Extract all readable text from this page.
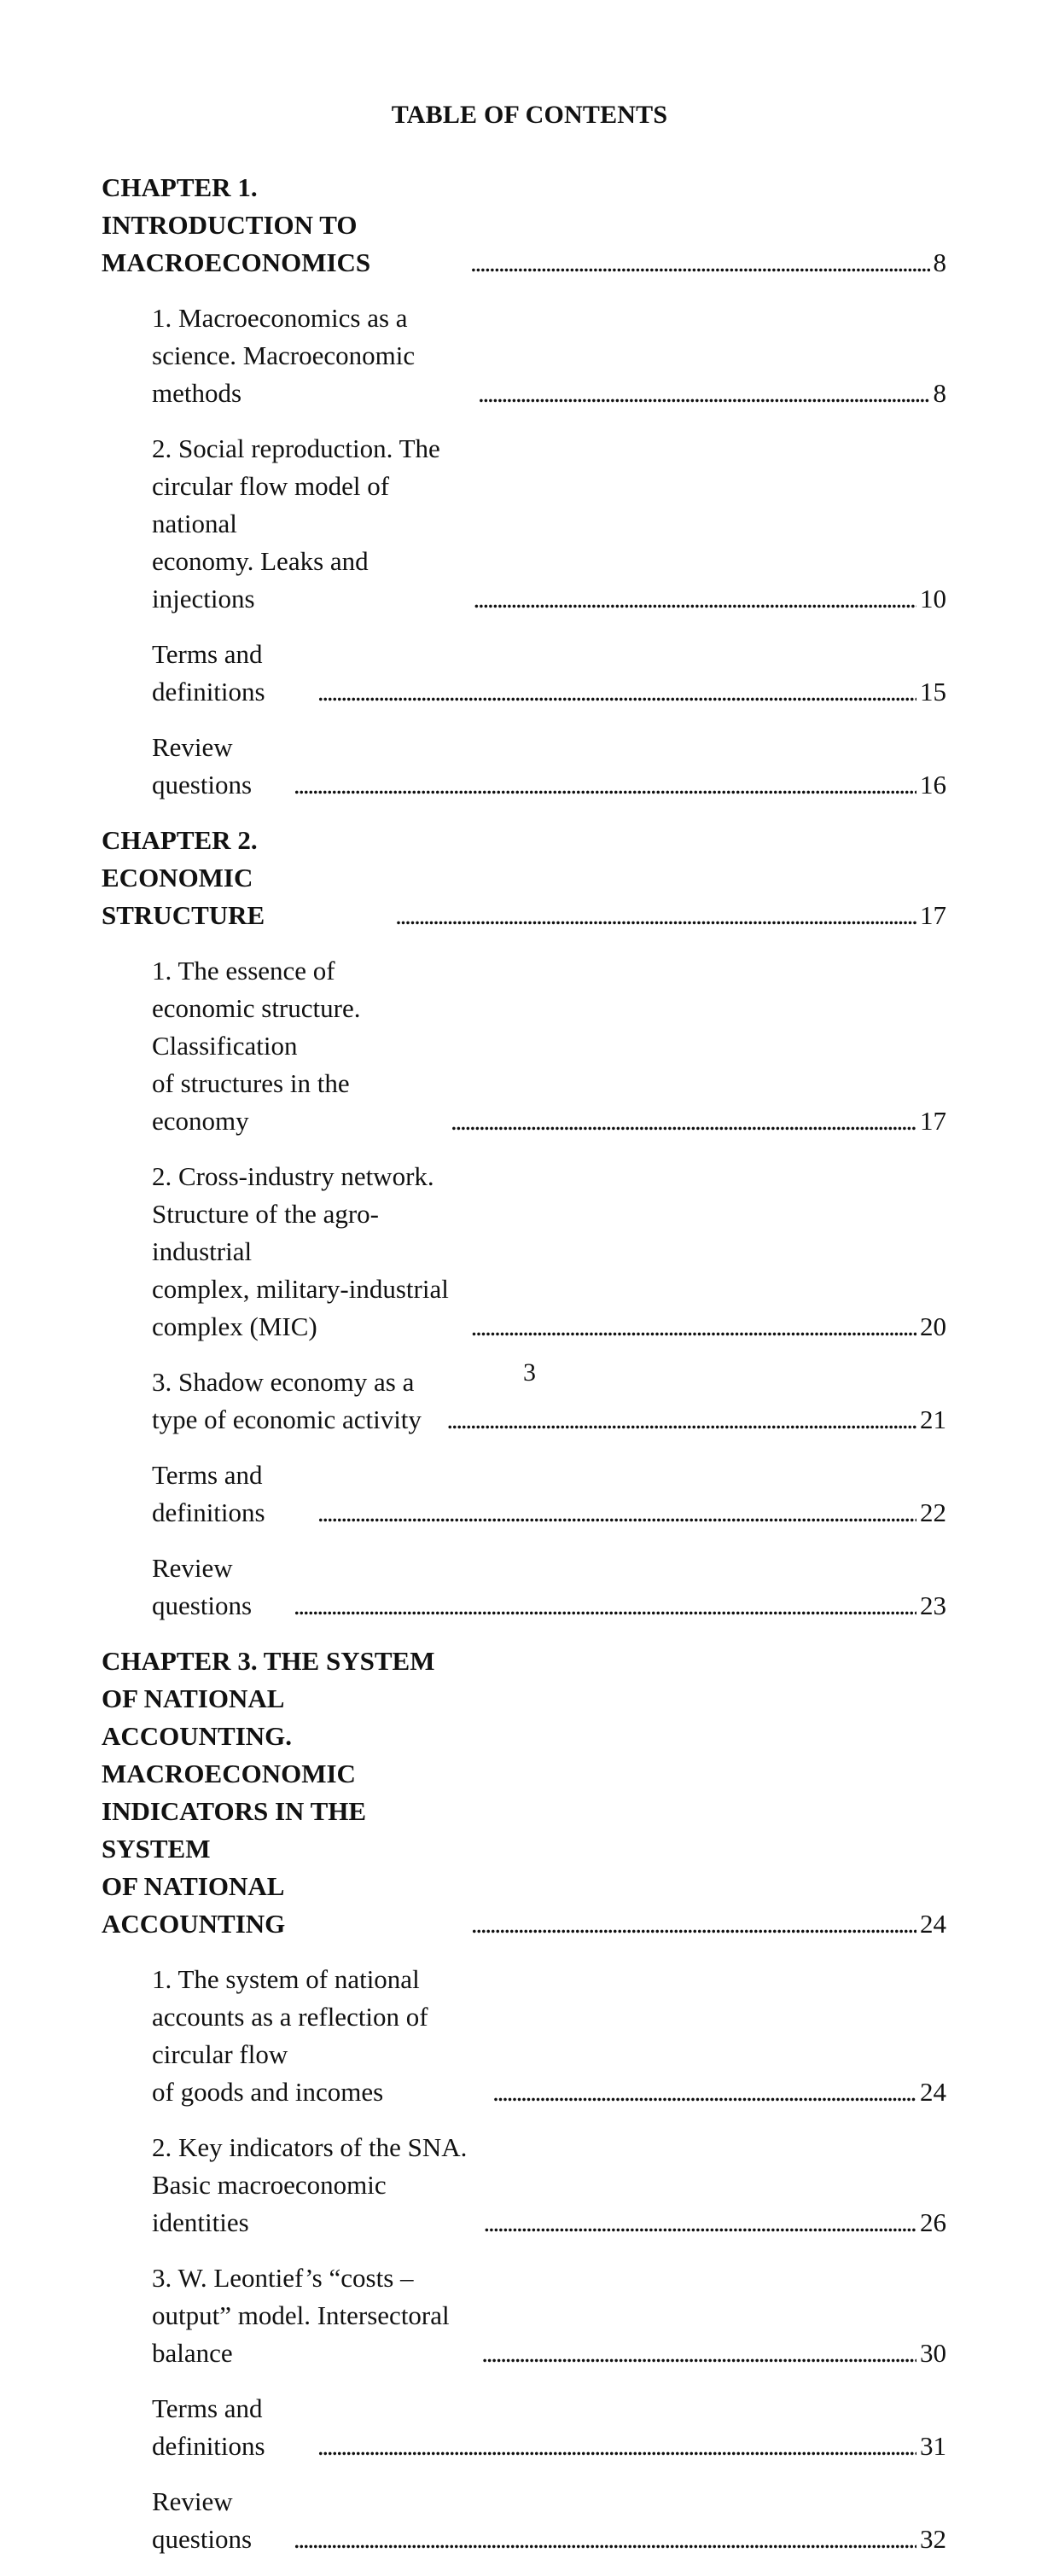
TABLE OF CONTENTS
CHAPTER 1. INTRODUCTION TO MACROECONOMICS . . .	8
1. Macroeconomics as a science. Macroeconomic methods . . .	8
2. Social reproduction. The circular flow model of national
economy. Leaks and injections . . .	10
Terms and definitions . . .	15
Review questions . . .	16
CHAPTER 2. ECONOMIC STRUCTURE . . .	17
1. The essence of economic structure. Classification
of structures in the economy . . .	17
2. Cross-industry network. Structure of the agro-industrial
complex, military-industrial complex (MIC) . . .	20
3. Shadow economy as a type of economic activity . . .	21
Terms and definitions . . .	22
Review questions . . .	23
CHAPTER 3. THE SYSTEM OF NATIONAL ACCOUNTING.
MACROECONOMIC INDICATORS IN THE SYSTEM
OF NATIONAL ACCOUNTING . . .	24
1. The system of national accounts as a reflection of circular flow
of goods and incomes . . .	24
2. Key indicators of the SNA. Basic macroeconomic identities . . .	26
3. W. Leontief’s “costs – output” model. Intersectoral balance . . .	30
Terms and definitions . . .	31
Review questions . . .	32
3
